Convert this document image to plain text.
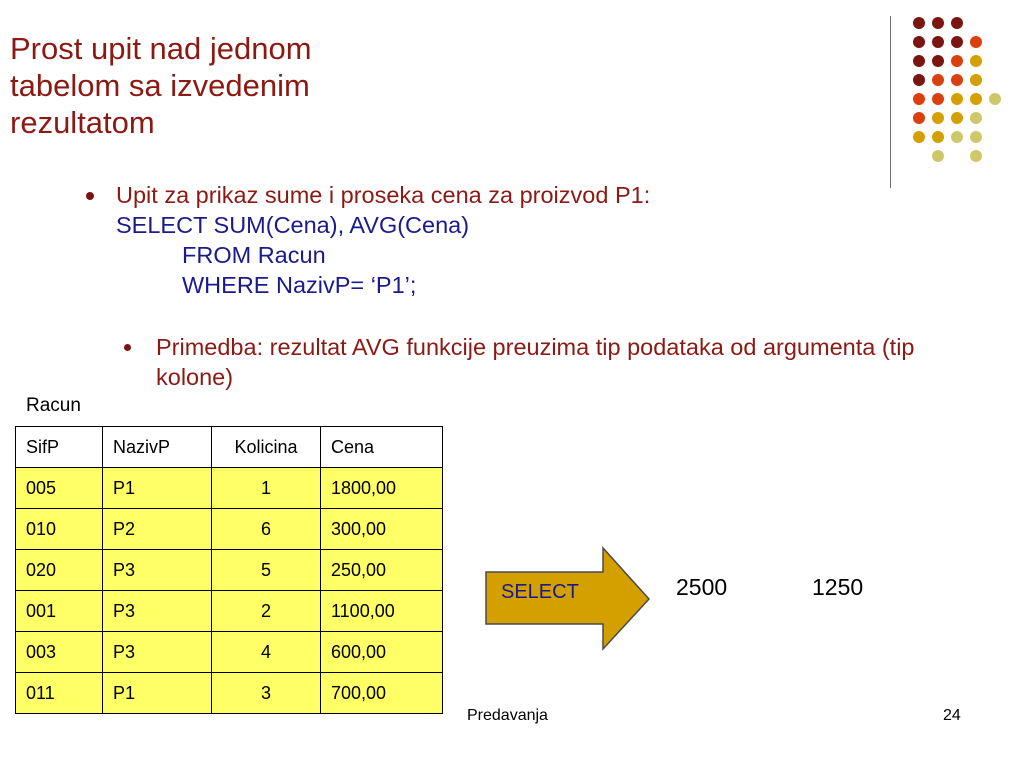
Prost upit nad jednom tabelom sa izvedenim rezultatom
Upit za prikaz sume i proseka cena za proizvod P1:
SELECT SUM(Cena), AVG(Cena)
FROM Racun
WHERE NazivP= ‘P1’;
Primedba: rezultat AVG funkcije preuzima tip podataka od argumenta (tip kolone)
Racun
SifP	NazivP	Kolicina	Cena
005	P1	1	1800,00
010	P2	6	300,00
020	P3	5	250,00
001	P3	2	1100,00
003	P3	4	600,00
011	P1	3	700,00
SELECT	2500	1250
Predavanja	24
